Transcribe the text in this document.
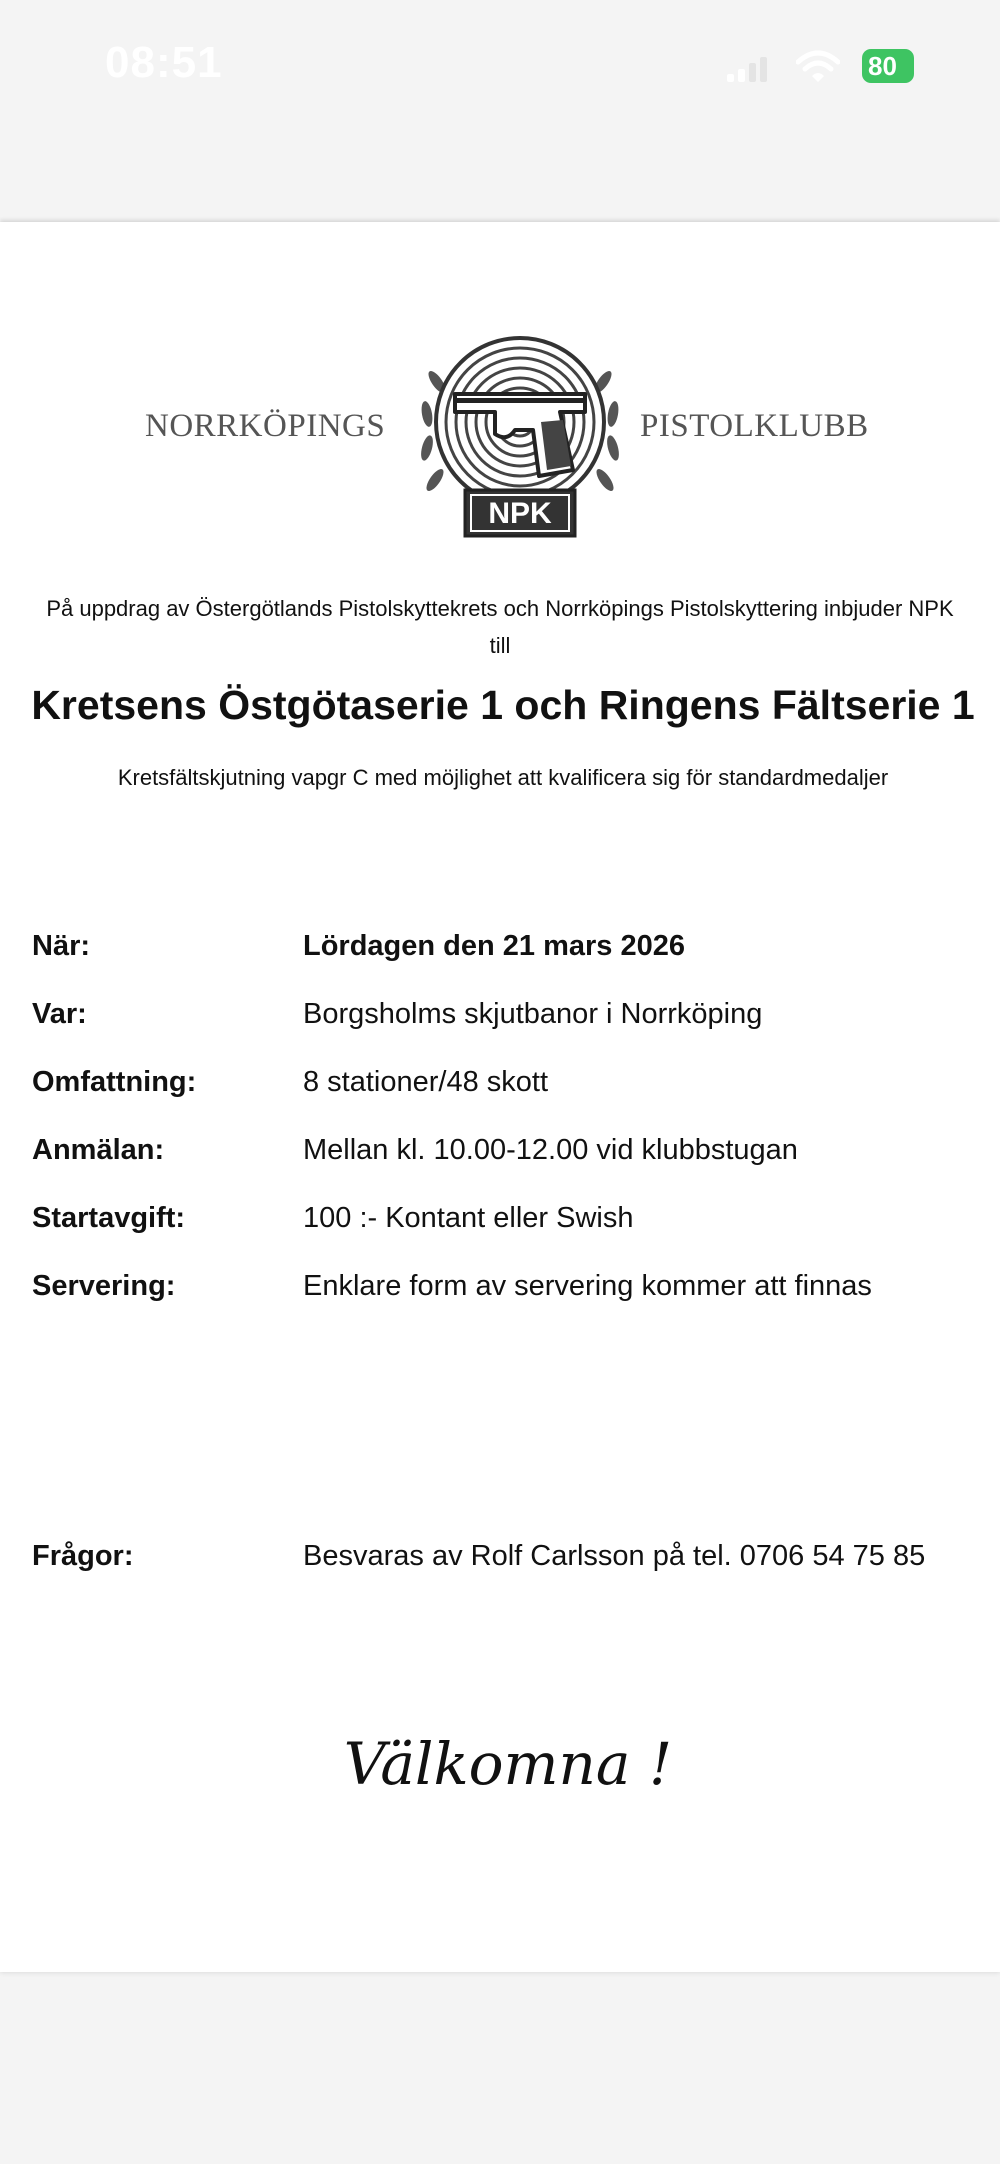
08:51	80
NORRKÖPINGS
NPK
PISTOLKLUBB
På uppdrag av Östergötlands Pistolskyttekrets och Norrköpings Pistolskyttering inbjuder NPK
till
Kretsens Östgötaserie 1 och Ringens Fältserie 1
Kretsfältskjutning vapgr C med möjlighet att kvalificera sig för standardmedaljer
När:	Lördagen den 21 mars 2026
Var:	Borgsholms skjutbanor i Norrköping
Omfattning:	8 stationer/48 skott
Anmälan:	Mellan kl. 10.00-12.00 vid klubbstugan
Startavgift:	100 :- Kontant eller Swish
Servering:	Enklare form av servering kommer att finnas
Frågor:	Besvaras av Rolf Carlsson på tel. 0706 54 75 85
Välkomna !
